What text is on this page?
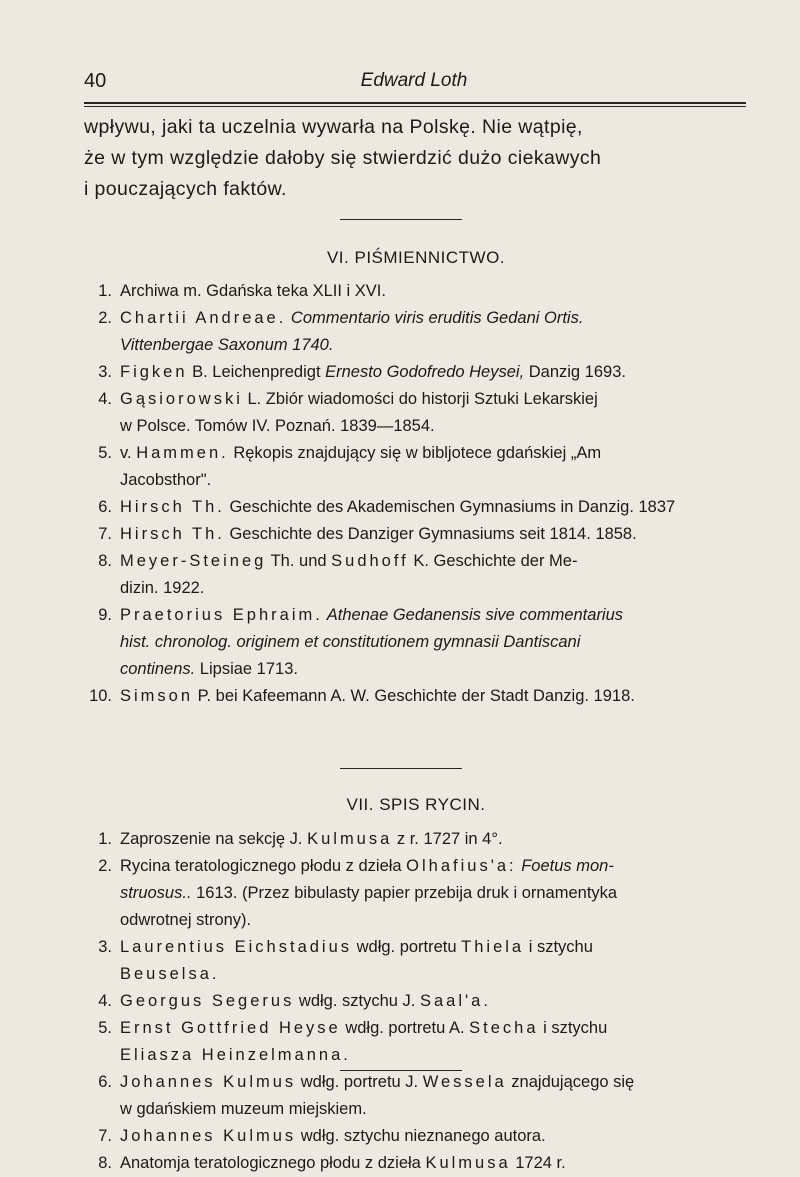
40	Edward Loth

wpływu, jaki ta uczelnia wywarła na Polskę. Nie wątpię,

że w tym względzie dałoby się stwierdzić dużo ciekawych

i pouczających faktów.

VI. PIŚMIENNICTWO.
1. Archiwa m. Gdańska teka XLII i XVI.
2. Chartii Andreae. Commentario viris eruditis Gedani Ortis.
Vittenbergae Saxonum 1740.
3. Figken B. Leichenpredigt Ernesto Godofredo Heysei, Danzig 1693.
4. Gąsiorowski L. Zbiór wiadomości do historji Sztuki Lekarskiej
w Polsce. Tomów IV. Poznań. 1839—1854.
5. v. Hammen. Rękopis znajdujący się w bibljotece gdańskiej „Am
Jacobsthor".
6. Hirsch Th. Geschichte des Akademischen Gymnasiums in Danzig. 1837
7. Hirsch Th. Geschichte des Danziger Gymnasiums seit 1814. 1858.
8. Meyer-Steineg Th. und Sudhoff K. Geschichte der Me-
dizin. 1922.
9. Praetorius Ephraim. Athenae Gedanensis sive commentarius
hist. chronolog. originem et constitutionem gymnasii Dantiscani
continens. Lipsiae 1713.
10. Simson P. bei Kafeemann A. W. Geschichte der Stadt Danzig. 1918.
VII. SPIS RYCIN.
1. Zaproszenie na sekcję J. Kulmusa z r. 1727 in 4°.
2. Rycina teratologicznego płodu z dzieła Olhafius'a: Foetus mon-
struosus.. 1613. (Przez bibulasty papier przebija druk i ornamentyka
odwrotnej strony).
3. Laurentius Eichstadius wdłg. portretu Thiela i sztychu
Beuselsa.
4. Georgus Segerus wdłg. sztychu J. Saal'a.
5. Ernst Gottfried Heyse wdłg. portretu A. Stecha i sztychu
Eliasza Heinzelmanna.
6. Johannes Kulmus wdłg. portretu J. Wessela znajdującego się
w gdańskiem muzeum miejskiem.
7. Johannes Kulmus wdłg. sztychu nieznanego autora.
8. Anatomja teratologicznego płodu z dzieła Kulmusa 1724 r.
